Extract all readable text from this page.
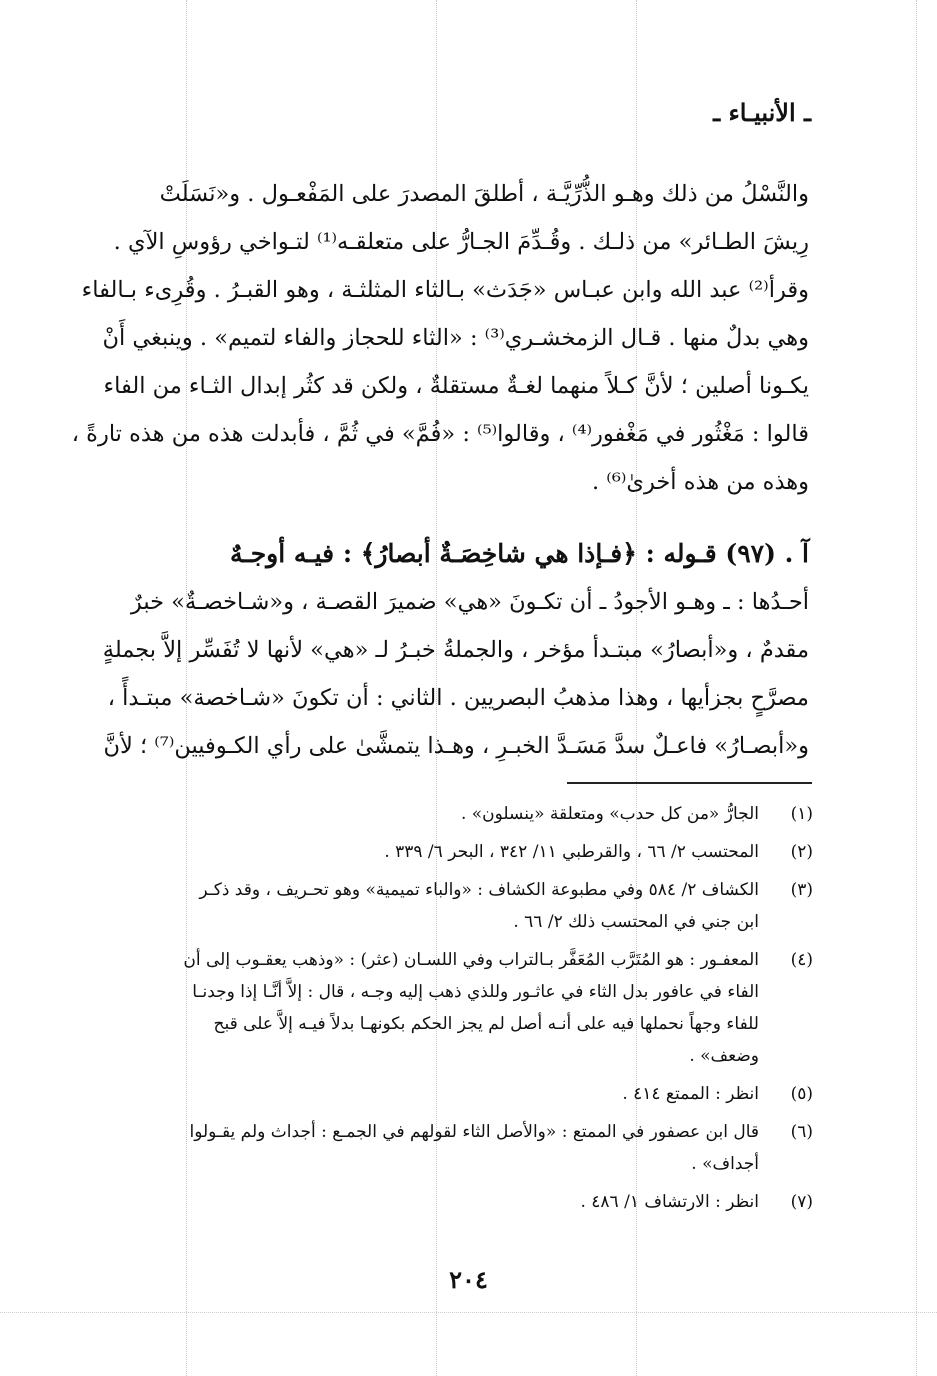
ـ الأنبيـاء ـ
والنَّسْلُ من ذلك وهـو الذُّرِّيَّـة ، أطلقَ المصدرَ على المَفْعـول . و«نَسَلَتْ
رِيشَ الطـائر» من ذلـك . وقُـدِّمَ الجـارُّ على متعلقـه⁽¹⁾ لتـواخي رؤوسِ الآي .
وقرأ⁽²⁾ عبد الله وابن عبـاس «جَدَث» بـالثاء المثلثـة ، وهو القبـرُ . وقُرِىء بـالفاء
وهي بدلٌ منها . قـال الزمخشـري⁽³⁾ : «الثاء للحجاز والفاء لتميم» . وينبغي أَنْ
يكـونا أصلين ؛ لأنَّ كـلاً منهما لغـةٌ مستقلةٌ ، ولكن قد كثُر إبدال الثـاء من الفاء
قالوا : مَغْثُور في مَغْفور⁽⁴⁾ ، وقالوا⁽⁵⁾ : «فُمَّ» في ثُمَّ ، فأبدلت هذه من هذه تارةً ،
وهذه من هذه أخرىٰ⁽⁶⁾ .
آ . (٩٧) قـوله : ﴿فـإذا هي شاخِصَـةٌ أبصارُ﴾ : فيـه أوجـهٌ
أحـدُها : ـ وهـو الأجودُ ـ أن تكـونَ «هي» ضميرَ القصـة ، و«شـاخصـةٌ» خبرٌ
مقدمٌ ، و«أبصارُ» مبتـدأ مؤخر ، والجملةُ خبـرُ لـ «هي» لأنها لا تُفَسِّر إلاَّ بجملةٍ
مصرَّحٍ بجزأيها ، وهذا مذهبُ البصريين . الثاني : أن تكونَ «شـاخصة» مبتـدأً ،
و«أبصـارُ» فاعـلٌ سدَّ مَسَـدَّ الخبـرِ ، وهـذا يتمشَّىٰ على رأي الكـوفيين⁽⁷⁾ ؛ لأنَّ
(١)
الجارُّ «من كل حدب» ومتعلقة «ينسلون» .
(٢)
المحتسب ٢/ ٦٦ ، والقرطبي ١١/ ٣٤٢ ، البحر ٦/ ٣٣٩ .
(٣)
الكشاف ٢/ ٥٨٤ وفي مطبوعة الكشاف : «والباء تميمية» وهو تحـريف ، وقد ذكـر
ابن جني في المحتسب ذلك ٢/ ٦٦ .
(٤)
المعفـور : هو المُتَرَّب المُعَفَّر بـالتراب وفي اللسـان (عثر) : «وذهب يعقـوب إلى أن
الفاء في عافور بدل الثاء في عاثـور وللذي ذهب إليه وجـه ، قال : إلاَّ أنَّـا إذا وجدنـا
للفاء وجهاً نحملها فيه على أنـه أصل لم يجز الحكم بكونهـا بدلاً فيـه إلاَّ على قبح
وضعف» .
(٥)
انظر : الممتع ٤١٤ .
(٦)
قال ابن عصفور في الممتع : «والأصل الثاء لقولهم في الجمـع : أجداث ولم يقـولوا
أجداف» .
(٧)
انظر : الارتشاف ١/ ٤٨٦ .
٢٠٤
